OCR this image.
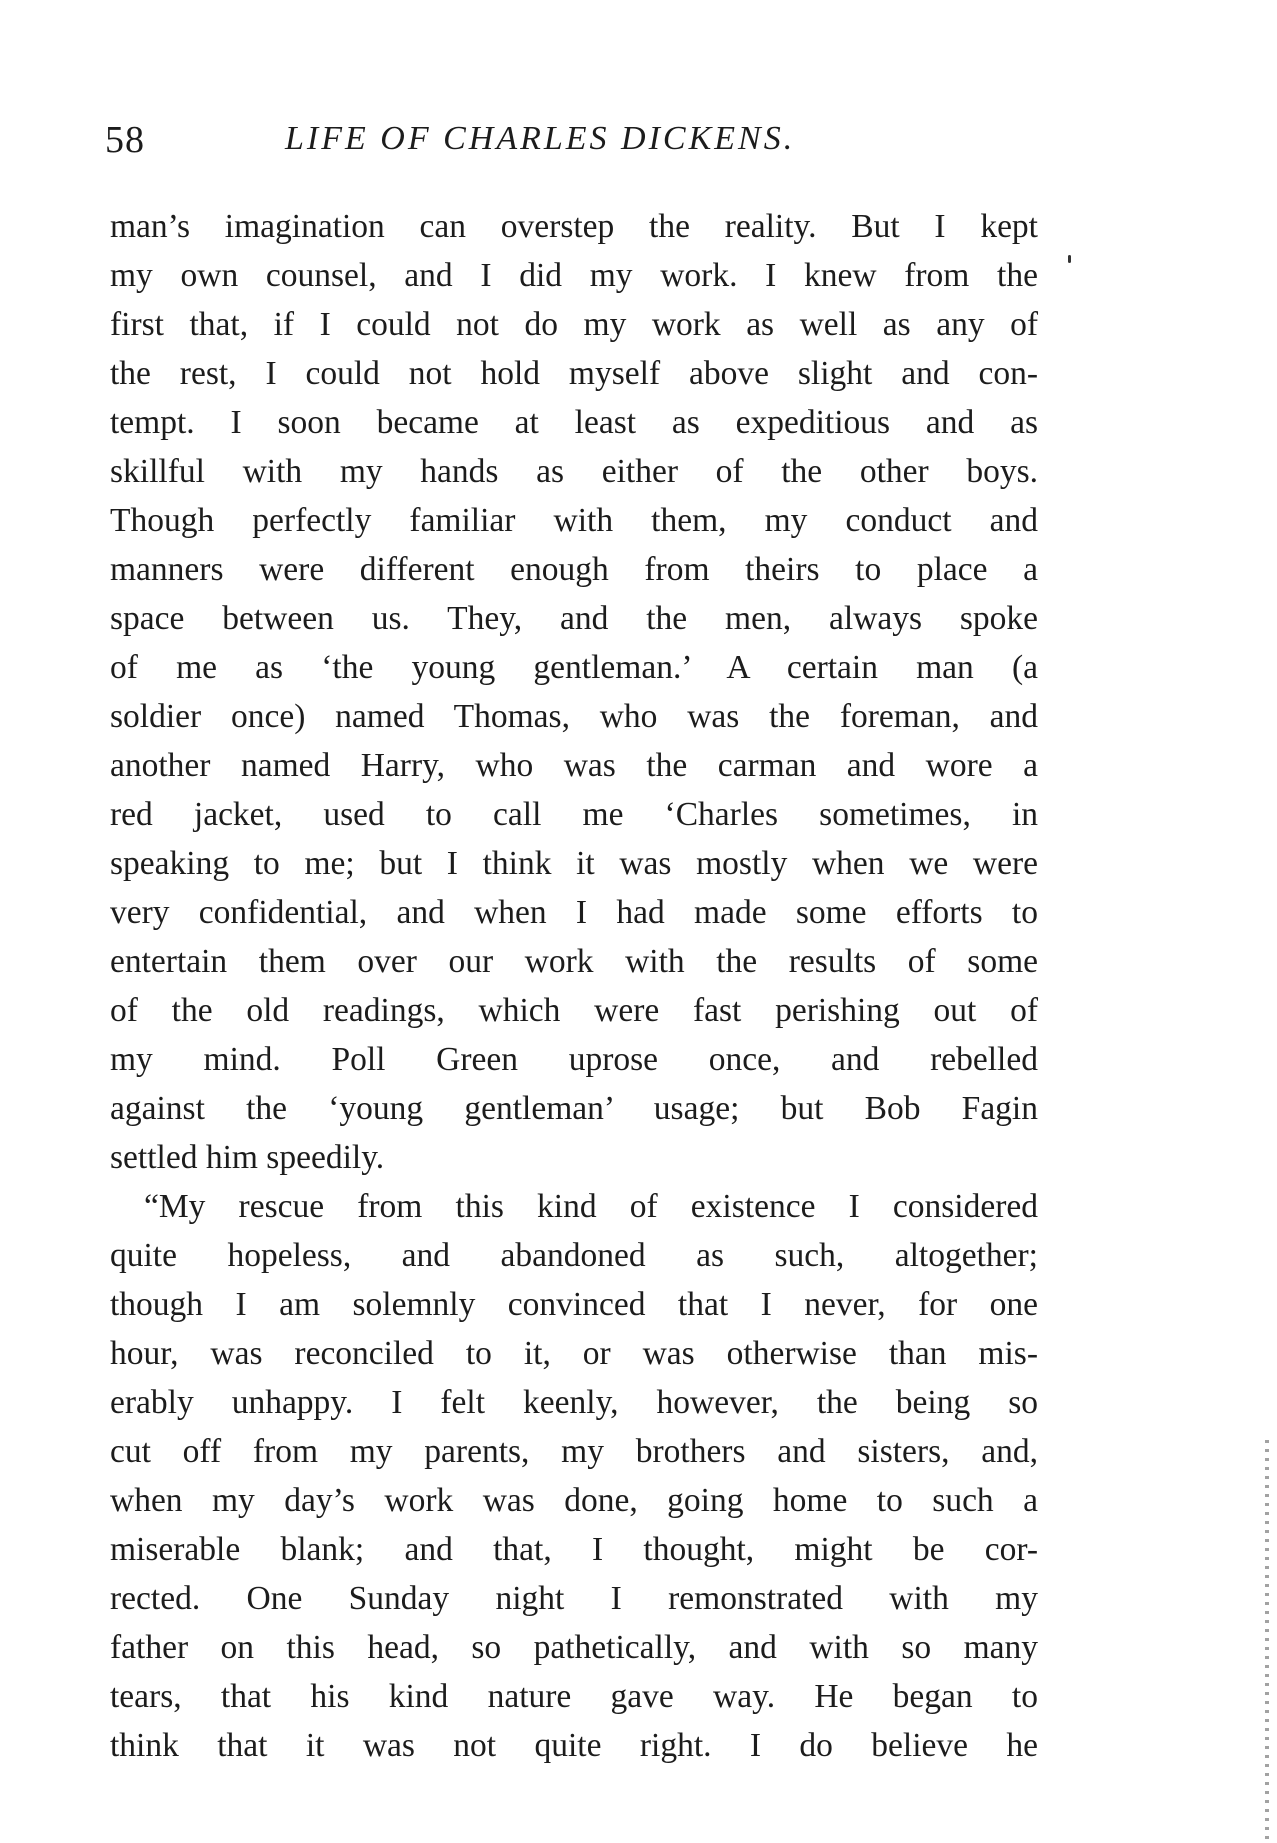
58	LIFE OF CHARLES DICKENS.
man’s imagination can overstep the reality. But I kept
my own counsel, and I did my work. I knew from the
first that, if I could not do my work as well as any of
the rest, I could not hold myself above slight and con-
tempt. I soon became at least as expeditious and as
skillful with my hands as either of the other boys.
Though perfectly familiar with them, my conduct and
manners were different enough from theirs to place a
space between us. They, and the men, always spoke
of me as ‘the young gentleman.’ A certain man (a
soldier once) named Thomas, who was the foreman, and
another named Harry, who was the carman and wore a
red jacket, used to call me ‘Charles sometimes, in
speaking to me; but I think it was mostly when we were
very confidential, and when I had made some efforts to
entertain them over our work with the results of some
of the old readings, which were fast perishing out of
my mind. Poll Green uprose once, and rebelled
against the ‘young gentleman’ usage; but Bob Fagin
settled him speedily.
“My rescue from this kind of existence I considered
quite hopeless, and abandoned as such, altogether;
though I am solemnly convinced that I never, for one
hour, was reconciled to it, or was otherwise than mis-
erably unhappy. I felt keenly, however, the being so
cut off from my parents, my brothers and sisters, and,
when my day’s work was done, going home to such a
miserable blank; and that, I thought, might be cor-
rected. One Sunday night I remonstrated with my
father on this head, so pathetically, and with so many
tears, that his kind nature gave way. He began to
think that it was not quite right. I do believe he
